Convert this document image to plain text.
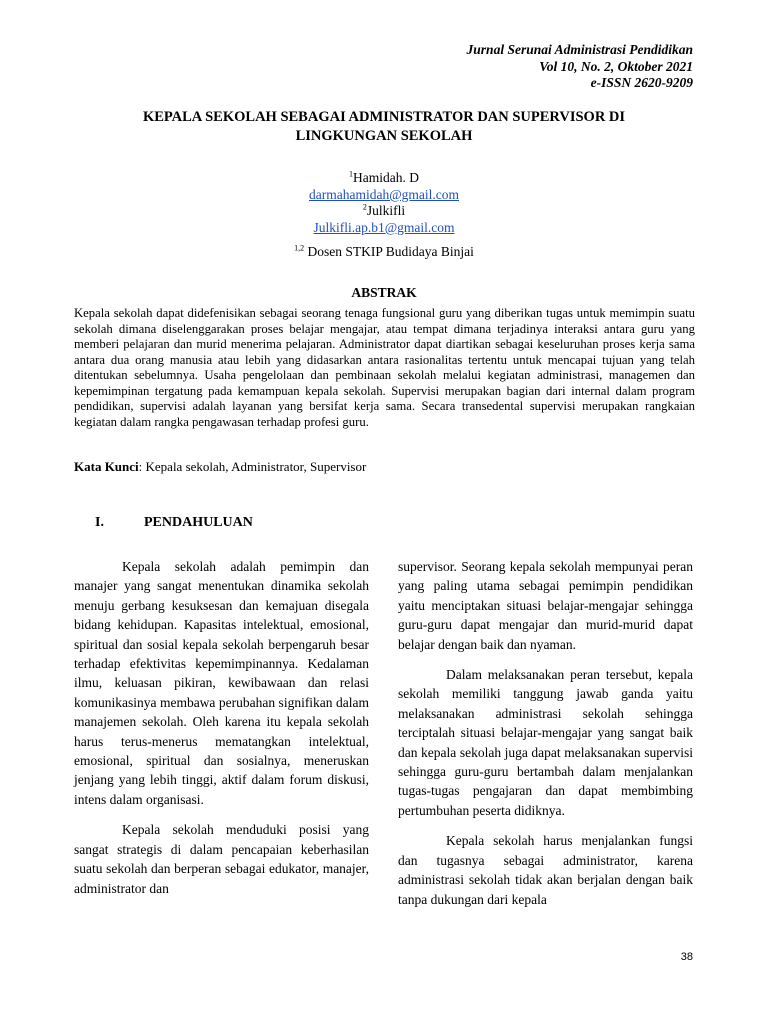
Jurnal Serunai Administrasi Pendidikan
Vol 10, No. 2, Oktober 2021
e-ISSN 2620-9209
KEPALA SEKOLAH SEBAGAI ADMINISTRATOR DAN SUPERVISOR DI
LINGKUNGAN SEKOLAH
$^1$Hamidah. D
darmahamidah@gmail.com
$^2$Julkifli
Julkifli.ap.b1@gmail.com
$^{1,2}$ Dosen STKIP Budidaya Binjai
ABSTRAK
Kepala sekolah dapat didefenisikan sebagai seorang tenaga fungsional guru yang diberikan tugas untuk memimpin suatu sekolah dimana diselenggarakan proses belajar mengajar, atau tempat dimana terjadinya interaksi antara guru yang memberi pelajaran dan murid menerima pelajaran. Administrator dapat diartikan sebagai keseluruhan proses kerja sama antara dua orang manusia atau lebih yang didasarkan antara rasionalitas tertentu untuk mencapai tujuan yang telah ditentukan sebelumnya. Usaha pengelolaan dan pembinaan sekolah melalui kegiatan administrasi, managemen dan kepemimpinan tergatung pada kemampuan kepala sekolah. Supervisi merupakan bagian dari internal dalam program pendidikan, supervisi adalah layanan yang bersifat kerja sama. Secara transedental supervisi merupakan rangkaian kegiatan dalam rangka pengawasan terhadap profesi guru.
Kata Kunci: Kepala sekolah, Administrator, Supervisor
I.	PENDAHULUAN

Kepala sekolah adalah pemimpin dan manajer yang sangat menentukan dinamika sekolah menuju gerbang kesuksesan dan kemajuan disegala bidang kehidupan. Kapasitas intelektual, emosional, spiritual dan sosial kepala sekolah berpengaruh besar terhadap efektivitas kepemimpinannya. Kedalaman ilmu, keluasan pikiran, kewibawaan dan relasi komunikasinya membawa perubahan signifikan dalam manajemen sekolah. Oleh karena itu kepala sekolah harus terus-menerus mematangkan intelektual, emosional, spiritual dan sosialnya, meneruskan jenjang yang lebih tinggi, aktif dalam forum diskusi, intens dalam organisasi.

Kepala sekolah menduduki posisi yang sangat strategis di dalam pencapaian keberhasilan suatu sekolah dan berperan sebagai edukator, manajer, administrator dan

supervisor. Seorang kepala sekolah mempunyai peran yang paling utama sebagai pemimpin pendidikan yaitu menciptakan situasi belajar-mengajar sehingga guru-guru dapat mengajar dan murid-murid dapat belajar dengan baik dan nyaman.

Dalam melaksanakan peran tersebut, kepala sekolah memiliki tanggung jawab ganda yaitu melaksanakan administrasi sekolah sehingga terciptalah situasi belajar-mengajar yang sangat baik dan kepala sekolah juga dapat melaksanakan supervisi sehingga guru-guru bertambah dalam menjalankan tugas-tugas pengajaran dan dapat membimbing pertumbuhan peserta didiknya.

Kepala sekolah harus menjalankan fungsi dan tugasnya sebagai administrator, karena administrasi sekolah tidak akan berjalan dengan baik tanpa dukungan dari kepala

38
